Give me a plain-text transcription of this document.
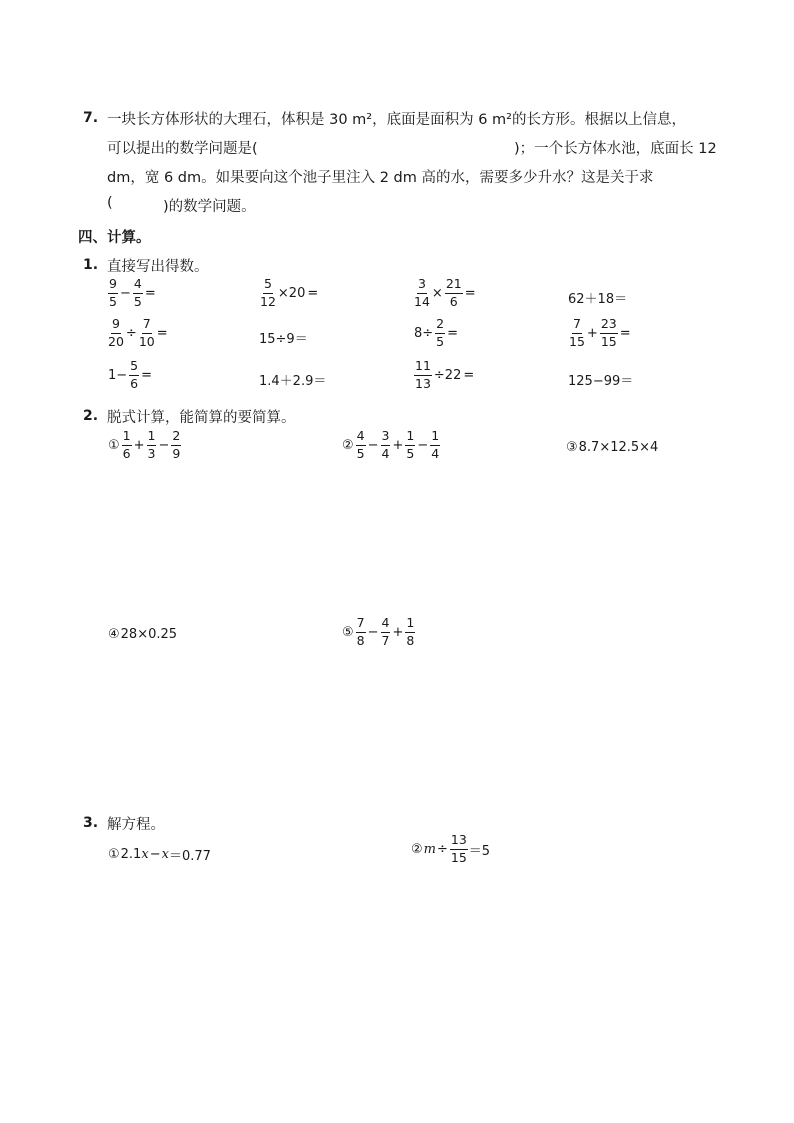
7. 一块长方体形状的大理石，体积是 30 m²，底面是面积为 6 m²的长方形。根据以上信息，
可以提出的数学问题是(	)；一个长方体水池，底面长 12
dm，宽 6 dm。如果要向这个池子里注入 2 dm 高的水，需要多少升水？这是关于求
(	)的数学问题。
四、计算。
1. 直接写出得数。
$\frac{9}{5} - \frac{4}{5}$ =	$\frac{5}{12} \times 20$ =	$\frac{3}{14} \times \frac{21}{6}$ =	62＋18＝
$\frac{9}{20} \div \frac{7}{10}$ =	15÷9＝	$8\div \frac{2}{5}$ =	$\frac{7}{15} + \frac{23}{15}$ =
$1- \frac{5}{6}$ =	1.4＋2.9＝	$\frac{11}{13} \div 22$ =	125−99＝
2. 脱式计算，能简算的要简算。
① $\frac{1}{6} + \frac{1}{3} - \frac{2}{9}$	② $\frac{4}{5} - \frac{3}{4} + \frac{1}{5} - \frac{1}{4}$	③ 8.7×12.5×4
④ 28×0.25	⑤ $\frac{7}{8} - \frac{4}{7} + \frac{1}{8}$
3. 解方程。
① 2.1 x − x ＝0.77	② $m \div \frac{13}{15} =5$
